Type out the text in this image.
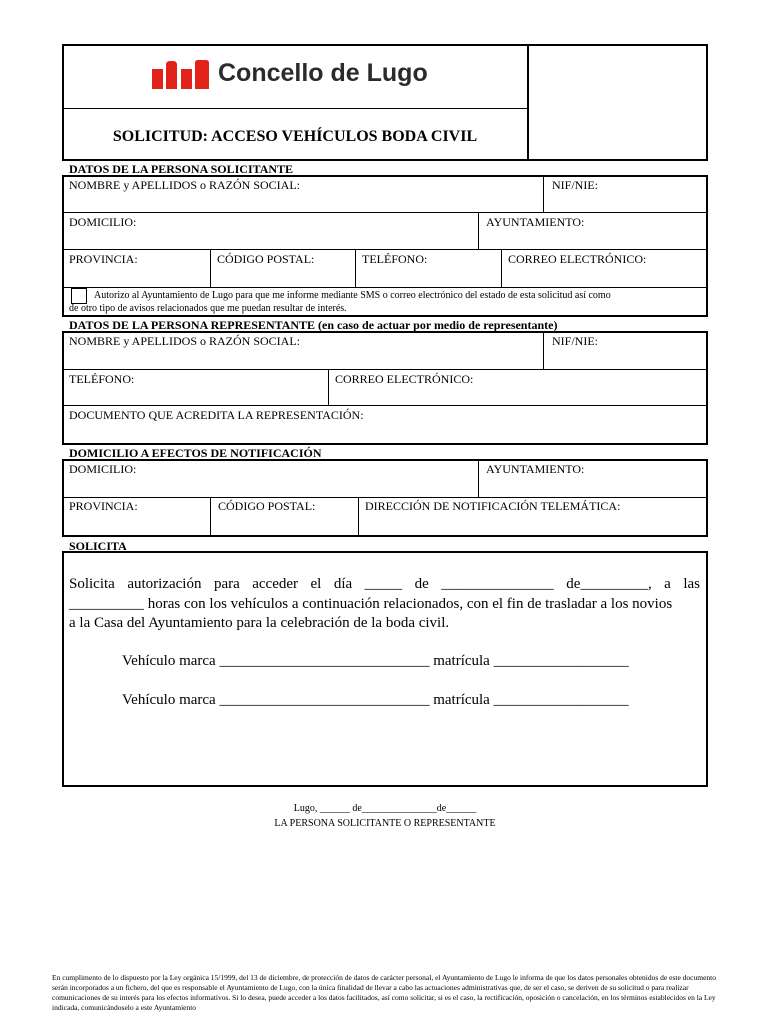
Concello de Lugo
SOLICITUD: ACCESO VEHÍCULOS BODA CIVIL
DATOS DE LA PERSONA SOLICITANTE
NOMBRE y APELLIDOS o RAZÓN SOCIAL:	NIF/NIE:
DOMICILIO:	AYUNTAMIENTO:
PROVINCIA:	CÓDIGO POSTAL:	TELÉFONO:	CORREO ELECTRÓNICO:
Autorizo al Ayuntamiento de Lugo para que me informe mediante SMS o correo electrónico del estado de esta solicitud así como
de otro tipo de avisos relacionados que me puedan resultar de interés.
DATOS DE LA PERSONA REPRESENTANTE (en caso de actuar por medio de representante)
NOMBRE y APELLIDOS o RAZÓN SOCIAL:	NIF/NIE:
TELÉFONO:	CORREO ELECTRÓNICO:
DOCUMENTO QUE ACREDITA LA REPRESENTACIÓN:
DOMICILIO A EFECTOS DE NOTIFICACIÓN
DOMICILIO:	AYUNTAMIENTO:
PROVINCIA:	CÓDIGO POSTAL:	DIRECCIÓN DE NOTIFICACIÓN TELEMÁTICA:
SOLICITA
Solicita autorización para acceder el día _____ de _______________ de_________, a las
__________ horas con los vehículos a continuación relacionados, con el fin de trasladar a los novios
a la Casa del Ayuntamiento para la celebración de la boda civil.
Vehículo marca ____________________________ matrícula __________________
Vehículo marca ____________________________ matrícula __________________
Lugo, ______ de_______________de______
LA PERSONA SOLICITANTE O REPRESENTANTE
En cumplimento de lo dispuesto por la Ley orgánica 15/1999, del 13 de diciembre, de protección de datos de carácter personal, el Ayuntamiento de Lugo le informa de que los datos personales obtenidos de este documento serán incorporados a un fichero, del que es responsable el Ayuntamiento de Lugo, con la única finalidad de llevar a cabo las actuaciones administrativas que, de ser el caso, se deriven de su solicitud o para realizar comunicaciones de su interés para los efectos informativos. Si lo desea, puede acceder a los datos facilitados, así como solicitar, si es el caso, la rectificación, oposición o cancelación, en los términos establecidos en la Ley indicada, comunicándoselo a este Ayuntamiento
